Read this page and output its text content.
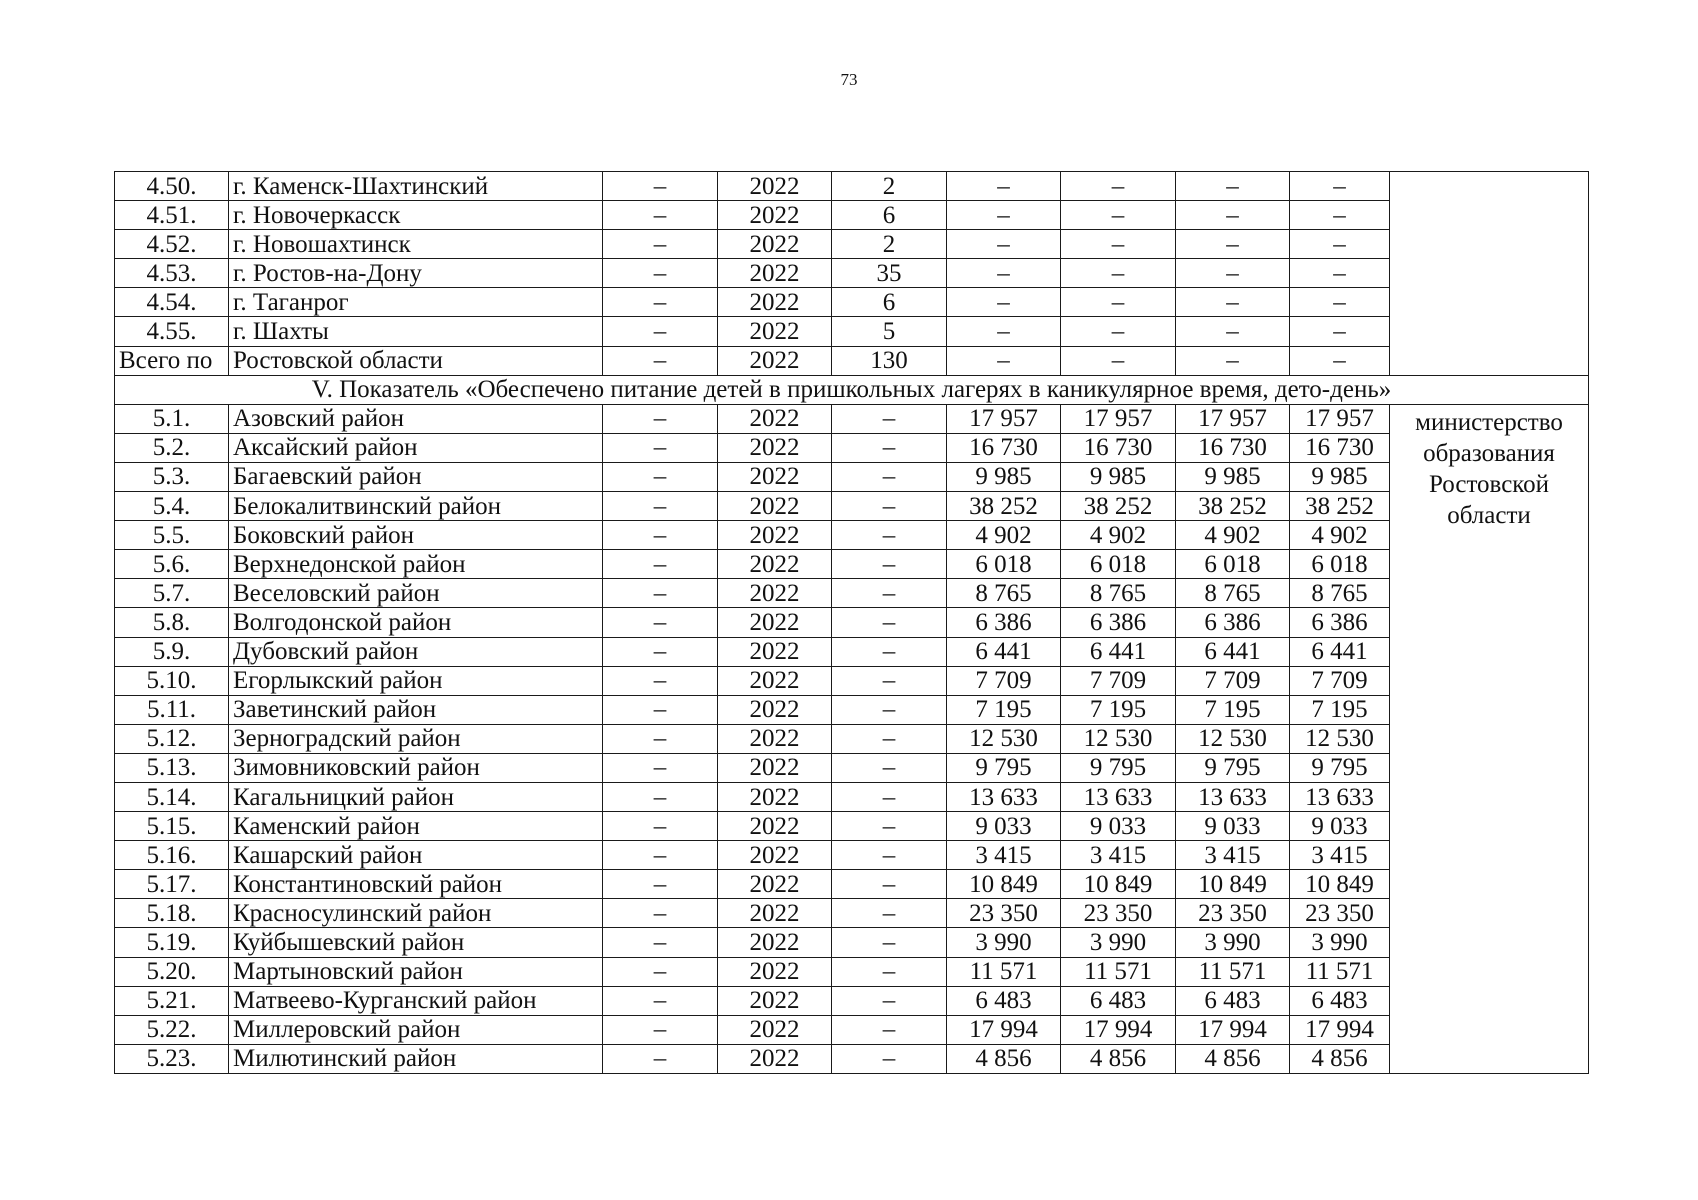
73
4.50.	г. Каменск-Шахтинский	–	2022	2	–	–	–	–	
4.51.	г. Новочеркасск	–	2022	6	–	–	–	–	
4.52.	г. Новошахтинск	–	2022	2	–	–	–	–	
4.53.	г. Ростов-на-Дону	–	2022	35	–	–	–	–	
4.54.	г. Таганрог	–	2022	6	–	–	–	–	
4.55.	г. Шахты	–	2022	5	–	–	–	–	
Всего по	Ростовской области	–	2022	130	–	–	–	–	
V. Показатель «Обеспечено питание детей в пришкольных лагерях в каникулярное время, дето-день»									
5.1.	Азовский район	–	2022	–	17 957	17 957	17 957	17 957	министерство образования Ростовской области
5.2.	Аксайский район	–	2022	–	16 730	16 730	16 730	16 730	
5.3.	Багаевский район	–	2022	–	9 985	9 985	9 985	9 985	
5.4.	Белокалитвинский район	–	2022	–	38 252	38 252	38 252	38 252	
5.5.	Боковский район	–	2022	–	4 902	4 902	4 902	4 902	
5.6.	Верхнедонской район	–	2022	–	6 018	6 018	6 018	6 018	
5.7.	Веселовский район	–	2022	–	8 765	8 765	8 765	8 765	
5.8.	Волгодонской район	–	2022	–	6 386	6 386	6 386	6 386	
5.9.	Дубовский район	–	2022	–	6 441	6 441	6 441	6 441	
5.10.	Егорлыкский район	–	2022	–	7 709	7 709	7 709	7 709	
5.11.	Заветинский район	–	2022	–	7 195	7 195	7 195	7 195	
5.12.	Зерноградский район	–	2022	–	12 530	12 530	12 530	12 530	
5.13.	Зимовниковский район	–	2022	–	9 795	9 795	9 795	9 795	
5.14.	Кагальницкий район	–	2022	–	13 633	13 633	13 633	13 633	
5.15.	Каменский район	–	2022	–	9 033	9 033	9 033	9 033	
5.16.	Кашарский район	–	2022	–	3 415	3 415	3 415	3 415	
5.17.	Константиновский район	–	2022	–	10 849	10 849	10 849	10 849	
5.18.	Красносулинский район	–	2022	–	23 350	23 350	23 350	23 350	
5.19.	Куйбышевский район	–	2022	–	3 990	3 990	3 990	3 990	
5.20.	Мартыновский район	–	2022	–	11 571	11 571	11 571	11 571	
5.21.	Матвеево-Курганский район	–	2022	–	6 483	6 483	6 483	6 483	
5.22.	Миллеровский район	–	2022	–	17 994	17 994	17 994	17 994	
5.23.	Милютинский район	–	2022	–	4 856	4 856	4 856	4 856	
